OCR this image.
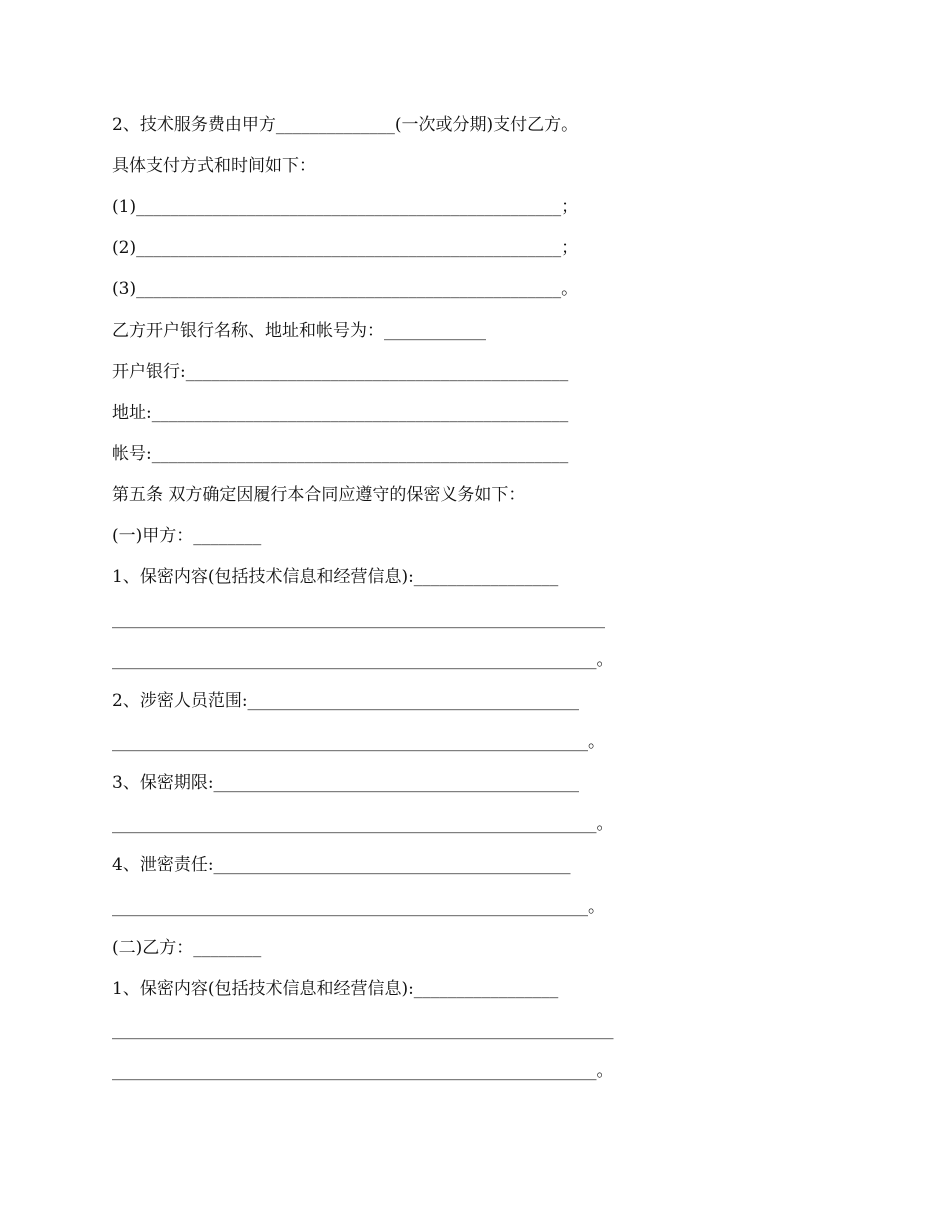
2、技术服务费由甲方______________(一次或分期)支付乙方。
具体支付方式和时间如下：
(1)__________________________________________________；
(2)__________________________________________________；
(3)__________________________________________________。
乙方开户银行名称、地址和帐号为：____________
开户银行:_____________________________________________
地址:_________________________________________________
帐号:_________________________________________________
第五条 双方确定因履行本合同应遵守的保密义务如下：
(一)甲方：________
1、保密内容(包括技术信息和经营信息):_________________
__________________________________________________________
_________________________________________________________。
2、涉密人员范围:_______________________________________
________________________________________________________。
3、保密期限:___________________________________________
_________________________________________________________。
4、泄密责任:__________________________________________
________________________________________________________。
(二)乙方：________
1、保密内容(包括技术信息和经营信息):_________________
___________________________________________________________
_________________________________________________________。
